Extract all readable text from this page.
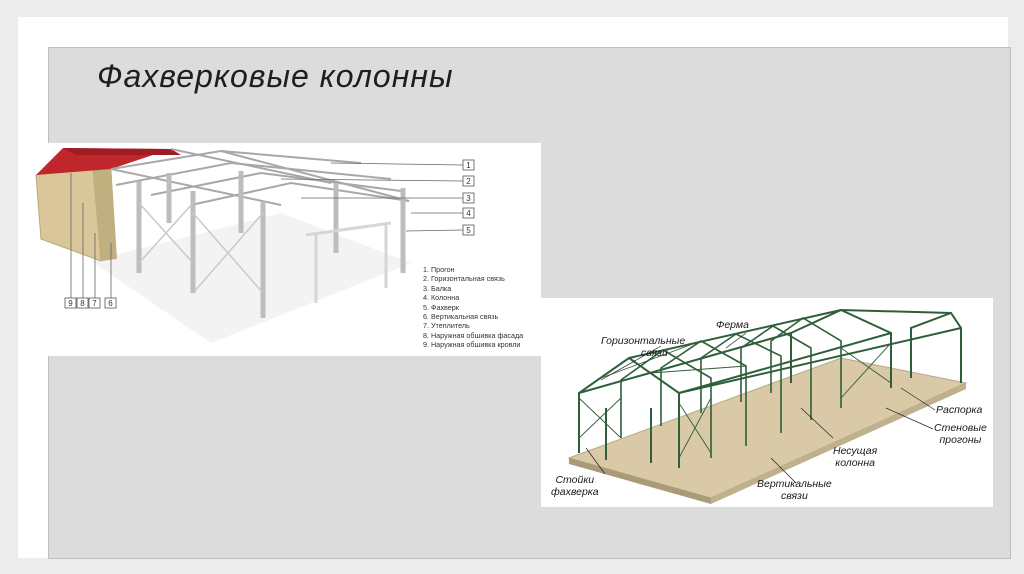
Фахверковые колонны
1
2
3
4
5
9 8 7 6
1. Прогон
2. Горизонтальная связь
3. Балка
4. Колонна
5. Фахверк
6. Вертикальная связь
7. Утеплитель
8. Наружная обшивка фасада
9. Наружная обшивка кровли	Горизонтальные
связи
Ферма
Распорка
Стеновые
прогоны
Несущая
колонна
Вертикальные
связи
Стойки
фахверка
